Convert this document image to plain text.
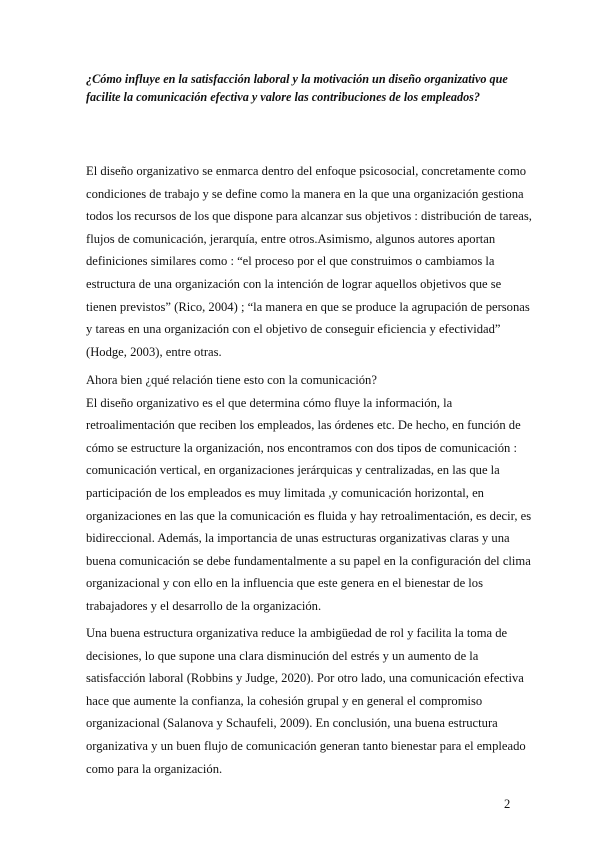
¿Cómo influye en la satisfacción laboral y la motivación un diseño organizativo que
facilite la comunicación efectiva y valore las contribuciones de los empleados?

El diseño organizativo se enmarca dentro del enfoque psicosocial, concretamente como
condiciones de trabajo y se define como la manera en la que una organización gestiona
todos los recursos de los que dispone para alcanzar sus objetivos : distribución de tareas,
flujos de comunicación, jerarquía, entre otros.Asimismo, algunos autores aportan
definiciones similares como : “el proceso por el que construimos o cambiamos la
estructura de una organización con la intención de lograr aquellos objetivos que se
tienen previstos” (Rico, 2004) ; “la manera en que se produce la agrupación de personas
y tareas en una organización con el objetivo de conseguir eficiencia y efectividad”
(Hodge, 2003), entre otras.

Ahora bien ¿qué relación tiene esto con la comunicación?
El diseño organizativo es el que determina cómo fluye la información, la
retroalimentación que reciben los empleados, las órdenes etc. De hecho, en función de
cómo se estructure la organización, nos encontramos con dos tipos de comunicación :
comunicación vertical, en organizaciones jerárquicas y centralizadas, en las que la
participación de los empleados es muy limitada ,y comunicación horizontal, en
organizaciones en las que la comunicación es fluida y hay retroalimentación, es decir, es
bidireccional. Además, la importancia de unas estructuras organizativas claras y una
buena comunicación se debe fundamentalmente a su papel en la configuración del clima
organizacional y con ello en la influencia que este genera en el bienestar de los
trabajadores y el desarrollo de la organización.

Una buena estructura organizativa reduce la ambigüedad de rol y facilita la toma de
decisiones, lo que supone una clara disminución del estrés y un aumento de la
satisfacción laboral (Robbins y Judge, 2020). Por otro lado, una comunicación efectiva
hace que aumente la confianza, la cohesión grupal y en general el compromiso
organizacional (Salanova y Schaufeli, 2009). En conclusión, una buena estructura
organizativa y un buen flujo de comunicación generan tanto bienestar para el empleado
como para la organización.

2
